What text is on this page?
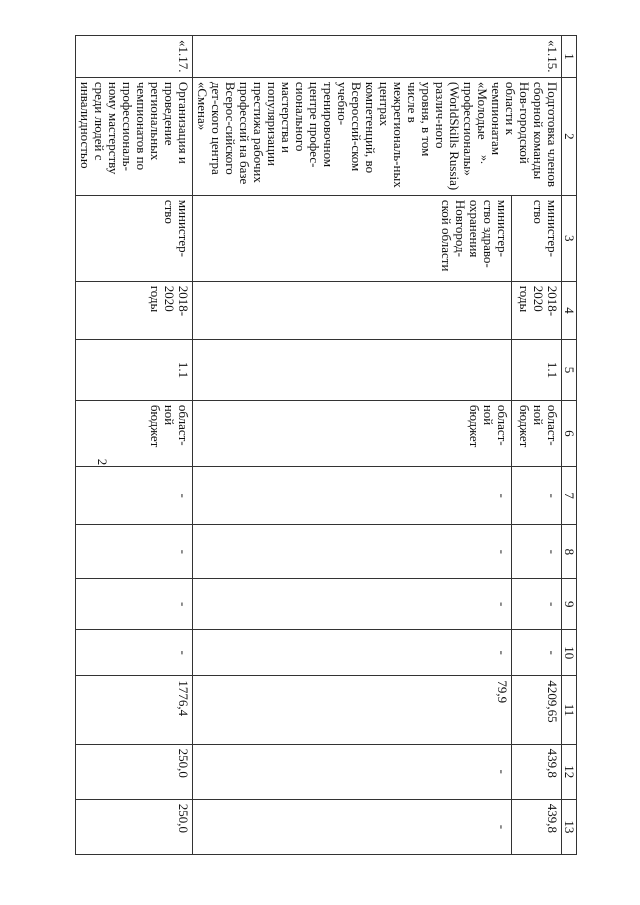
2
».
1	2	3	4	5	6	7	8	9	10	11	12	13
«1.15.	Подготовка членов сборной команды Нов-городской области к чемпионатам «Молодые профессионалы» (WorldSkills Russia) различ-ного уровня, в том числе в межрегиональ-ных центрах компетенций, во Всероссий-ском учебно-тренировочном центре профес-сионального мастерства и популяризации престижа рабочих профессий на базе Всерос-сийского дет-ского центра «Смена»	министер-ство	2018-2020 годы	1.1	област-ной бюджет	-	-	-	-	4209,65	439,8	439,8
		министер-ство здраво-охранения Новгород-ской области			област-ной бюджет	-	-	-	-	79,9	-	-
«1.17.	Организация и проведение региональных чемпионатов по профессиональ-ному мастерству среди людей с инвалидностью	министер-ство	2018-2020 годы	1.1	област-ной бюджет	-	-	-	-	1776,4	250,0	250,0
